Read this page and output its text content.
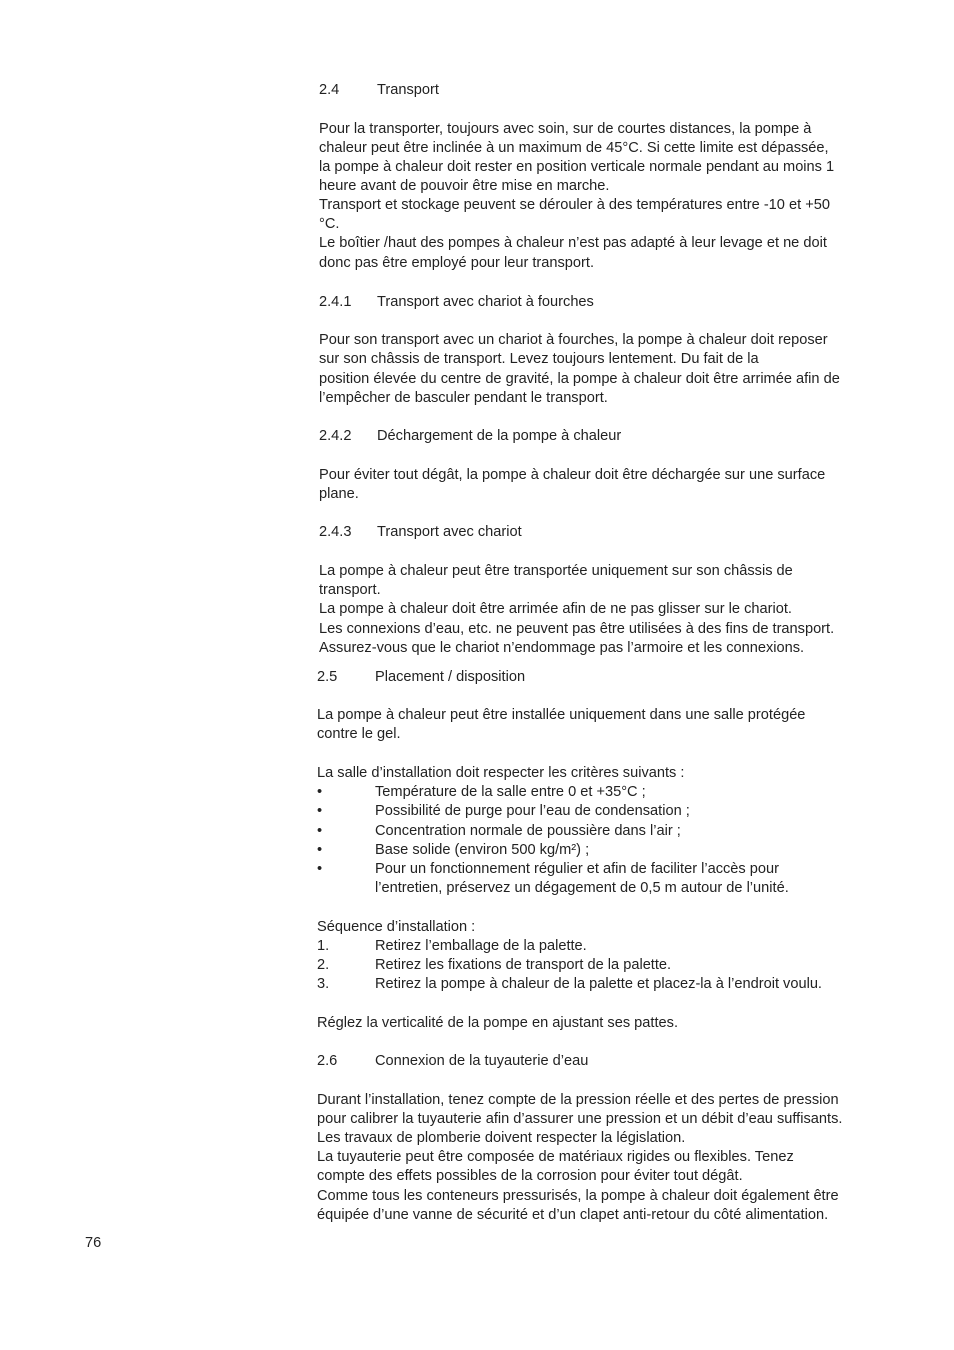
2.4	Transport
Pour la transporter, toujours avec soin, sur de courtes distances, la pompe à
chaleur peut être inclinée à un maximum de 45°C. Si cette limite est dépassée,
la pompe à chaleur doit rester en position verticale normale pendant au moins 1
heure avant de pouvoir être mise en marche.
Transport et stockage peuvent se dérouler à des températures entre -10 et +50
°C.
Le boîtier /haut des pompes à chaleur n’est pas adapté à leur levage et ne doit
donc pas être employé pour leur transport.
2.4.1 Transport avec chariot à fourches
Pour son transport avec un chariot à fourches, la pompe à chaleur doit reposer
sur son châssis de transport. Levez toujours lentement. Du fait de la
position élevée du centre de gravité, la pompe à chaleur doit être arrimée afin de
l’empêcher de basculer pendant le transport.
2.4.2 Déchargement de la pompe à chaleur
Pour éviter tout dégât, la pompe à chaleur doit être déchargée sur une surface
plane.
2.4.3 Transport avec chariot
La pompe à chaleur peut être transportée uniquement sur son châssis de
transport.
La pompe à chaleur doit être arrimée afin de ne pas glisser sur le chariot.
Les connexions d’eau, etc. ne peuvent pas être utilisées à des fins de transport.
Assurez-vous que le chariot n’endommage pas l’armoire et les connexions.
2.5	Placement / disposition
La pompe à chaleur peut être installée uniquement dans une salle protégée
contre le gel.
La salle d’installation doit respecter les critères suivants :
•	Température de la salle entre 0 et +35°C ;
•	Possibilité de purge pour l’eau de condensation ;
•	Concentration normale de poussière dans l’air ;
•	Base solide (environ 500 kg/m²) ;
•	Pour un fonctionnement régulier et afin de faciliter l’accès pour
l’entretien, préservez un dégagement de 0,5 m autour de l’unité.
Séquence d’installation :
1.	Retirez l’emballage de la palette.
2.	Retirez les fixations de transport de la palette.
3.	Retirez la pompe à chaleur de la palette et placez-la à l’endroit voulu.
Réglez la verticalité de la pompe en ajustant ses pattes.
2.6	Connexion de la tuyauterie d’eau
Durant l’installation, tenez compte de la pression réelle et des pertes de pression
pour calibrer la tuyauterie afin d’assurer une pression et un débit d’eau suffisants.
Les travaux de plomberie doivent respecter la législation.
La tuyauterie peut être composée de matériaux rigides ou flexibles. Tenez
compte des effets possibles de la corrosion pour éviter tout dégât.
Comme tous les conteneurs pressurisés, la pompe à chaleur doit également être
équipée d’une vanne de sécurité et d’un clapet anti-retour du côté alimentation.
76
